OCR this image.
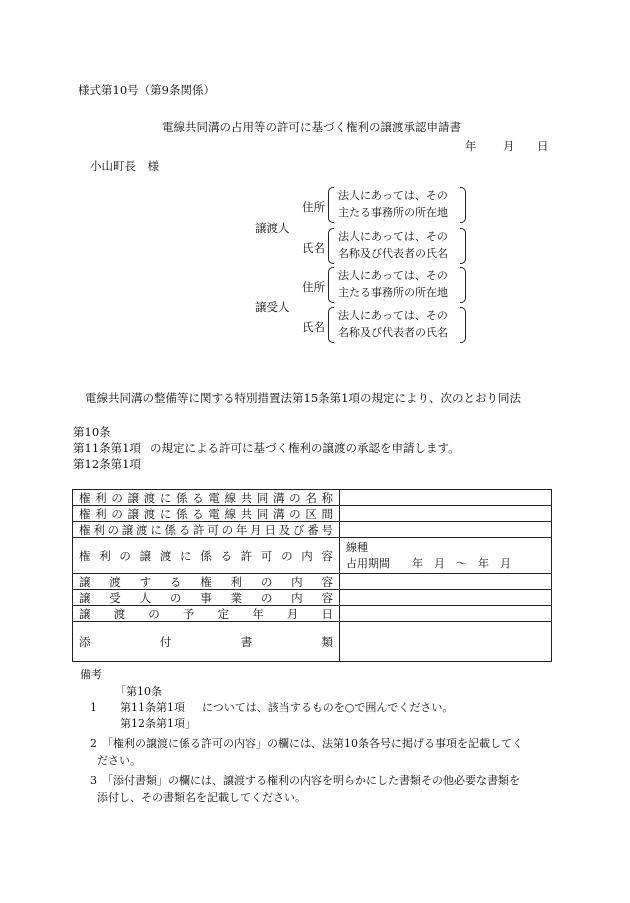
様式第10号（第9条関係）
電線共同溝の占用等の許可に基づく権利の譲渡承認申請書
年 月 日
小山町長　様
譲渡人
住所
法人にあっては、その
主たる事務所の所在地
氏名
法人にあっては、その
名称及び代表者の氏名
譲受人
住所
法人にあっては、その
主たる事務所の所在地
氏名
法人にあっては、その
名称及び代表者の氏名
電線共同溝の整備等に関する特別措置法第15条第1項の規定により、次のとおり同法
第10条
第11条第1項 の規定による許可に基づく権利の譲渡の承認を申請します。
第12条第1項
権利の譲渡に係る電線共同溝の名称	
権利の譲渡に係る電線共同溝の区間	
権利の譲渡に係る許可の年月日及び番号	
権利の譲渡に係る許可の内容	線種
占用期間　　年　月　〜　年　月

譲渡する権利の内容	
譲受人の事業の内容	
譲渡の予定年月日	
添付書類	
備考
「第10条
1 第11条第1項 については、該当するものを○で囲んでください。
第12条第1項」
2 「権利の譲渡に係る許可の内容」の欄には、法第10条各号に掲げる事項を記載してく
ださい。
3 「添付書類」の欄には、譲渡する権利の内容を明らかにした書類その他必要な書類を
添付し、その書類名を記載してください。
